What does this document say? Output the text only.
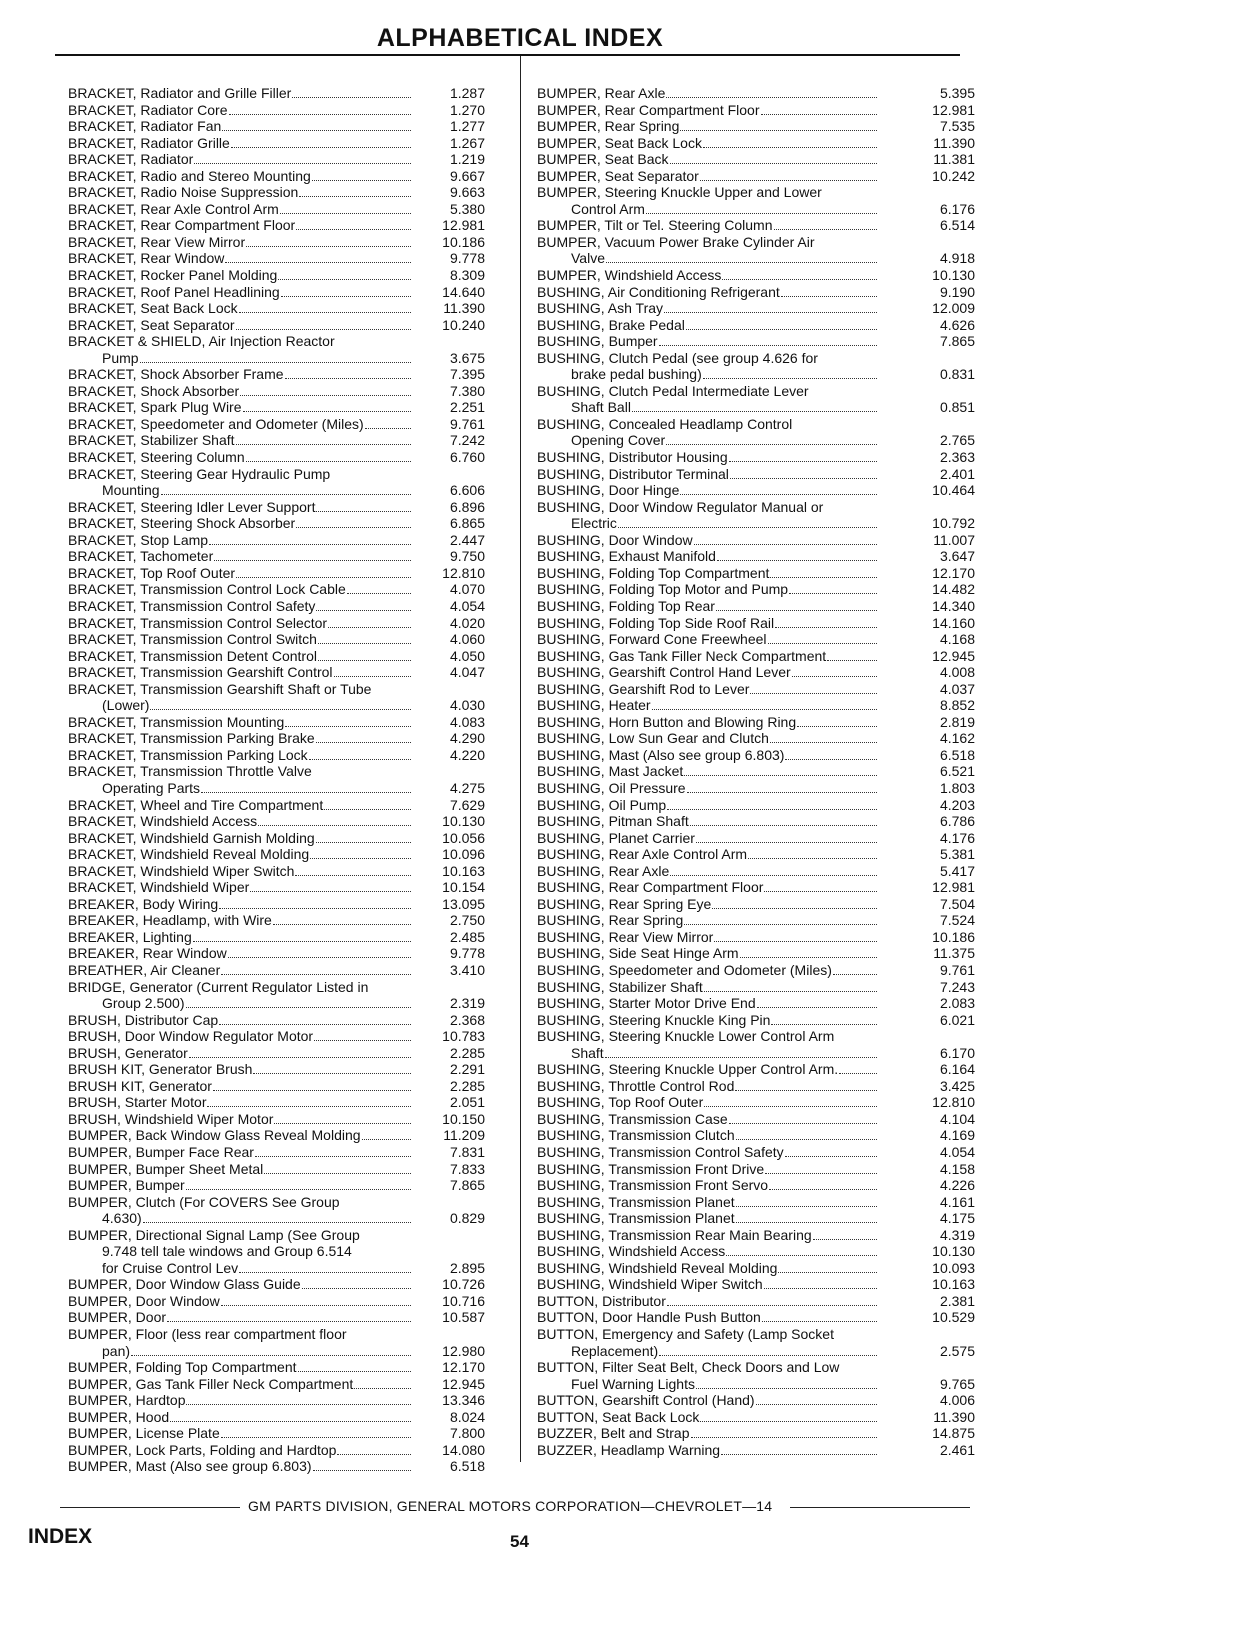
ALPHABETICAL INDEX
BRACKET, Radiator and Grille Filler	1.287
BRACKET, Radiator Core	1.270
BRACKET, Radiator Fan	1.277
BRACKET, Radiator Grille	1.267
BRACKET, Radiator	1.219
BRACKET, Radio and Stereo Mounting	9.667
BRACKET, Radio Noise Suppression	9.663
BRACKET, Rear Axle Control Arm	5.380
BRACKET, Rear Compartment Floor	12.981
BRACKET, Rear View Mirror	10.186
BRACKET, Rear Window	9.778
BRACKET, Rocker Panel Molding	8.309
BRACKET, Roof Panel Headlining	14.640
BRACKET, Seat Back Lock	11.390
BRACKET, Seat Separator	10.240
BRACKET & SHIELD, Air Injection Reactor
Pump	3.675
BRACKET, Shock Absorber Frame	7.395
BRACKET, Shock Absorber	7.380
BRACKET, Spark Plug Wire	2.251
BRACKET, Speedometer and Odometer (Miles)	9.761
BRACKET, Stabilizer Shaft	7.242
BRACKET, Steering Column	6.760
BRACKET, Steering Gear Hydraulic Pump
Mounting	6.606
BRACKET, Steering Idler Lever Support	6.896
BRACKET, Steering Shock Absorber	6.865
BRACKET, Stop Lamp	2.447
BRACKET, Tachometer	9.750
BRACKET, Top Roof Outer	12.810
BRACKET, Transmission Control Lock Cable	4.070
BRACKET, Transmission Control Safety	4.054
BRACKET, Transmission Control Selector	4.020
BRACKET, Transmission Control Switch	4.060
BRACKET, Transmission Detent Control	4.050
BRACKET, Transmission Gearshift Control	4.047
BRACKET, Transmission Gearshift Shaft or Tube
(Lower)	4.030
BRACKET, Transmission Mounting	4.083
BRACKET, Transmission Parking Brake	4.290
BRACKET, Transmission Parking Lock	4.220
BRACKET, Transmission Throttle Valve
Operating Parts	4.275
BRACKET, Wheel and Tire Compartment	7.629
BRACKET, Windshield Access	10.130
BRACKET, Windshield Garnish Molding	10.056
BRACKET, Windshield Reveal Molding	10.096
BRACKET, Windshield Wiper Switch	10.163
BRACKET, Windshield Wiper	10.154
BREAKER, Body Wiring	13.095
BREAKER, Headlamp, with Wire	2.750
BREAKER, Lighting	2.485
BREAKER, Rear Window	9.778
BREATHER, Air Cleaner	3.410
BRIDGE, Generator (Current Regulator Listed in
Group 2.500)	2.319
BRUSH, Distributor Cap	2.368
BRUSH, Door Window Regulator Motor	10.783
BRUSH, Generator	2.285
BRUSH KIT, Generator Brush	2.291
BRUSH KIT, Generator	2.285
BRUSH, Starter Motor	2.051
BRUSH, Windshield Wiper Motor	10.150
BUMPER, Back Window Glass Reveal Molding	11.209
BUMPER, Bumper Face Rear	7.831
BUMPER, Bumper Sheet Metal	7.833
BUMPER, Bumper	7.865
BUMPER, Clutch (For COVERS See Group
4.630)	0.829
BUMPER, Directional Signal Lamp (See Group
9.748 tell tale windows and Group 6.514
for Cruise Control Lev	2.895
BUMPER, Door Window Glass Guide	10.726
BUMPER, Door Window	10.716
BUMPER, Door	10.587
BUMPER, Floor (less rear compartment floor
pan)	12.980
BUMPER, Folding Top Compartment	12.170
BUMPER, Gas Tank Filler Neck Compartment	12.945
BUMPER, Hardtop	13.346
BUMPER, Hood	8.024
BUMPER, License Plate	7.800
BUMPER, Lock Parts, Folding and Hardtop	14.080
BUMPER, Mast (Also see group 6.803)	6.518
BUMPER, Rear Axle	5.395
BUMPER, Rear Compartment Floor	12.981
BUMPER, Rear Spring	7.535
BUMPER, Seat Back Lock	11.390
BUMPER, Seat Back	11.381
BUMPER, Seat Separator	10.242
BUMPER, Steering Knuckle Upper and Lower
Control Arm	6.176
BUMPER, Tilt or Tel. Steering Column	6.514
BUMPER, Vacuum Power Brake Cylinder Air
Valve	4.918
BUMPER, Windshield Access	10.130
BUSHING, Air Conditioning Refrigerant	9.190
BUSHING, Ash Tray	12.009
BUSHING, Brake Pedal	4.626
BUSHING, Bumper	7.865
BUSHING, Clutch Pedal (see group 4.626 for
brake pedal bushing)	0.831
BUSHING, Clutch Pedal Intermediate Lever
Shaft Ball	0.851
BUSHING, Concealed Headlamp Control
Opening Cover	2.765
BUSHING, Distributor Housing	2.363
BUSHING, Distributor Terminal	2.401
BUSHING, Door Hinge	10.464
BUSHING, Door Window Regulator Manual or
Electric	10.792
BUSHING, Door Window	11.007
BUSHING, Exhaust Manifold	3.647
BUSHING, Folding Top Compartment	12.170
BUSHING, Folding Top Motor and Pump	14.482
BUSHING, Folding Top Rear	14.340
BUSHING, Folding Top Side Roof Rail	14.160
BUSHING, Forward Cone Freewheel	4.168
BUSHING, Gas Tank Filler Neck Compartment	12.945
BUSHING, Gearshift Control Hand Lever	4.008
BUSHING, Gearshift Rod to Lever	4.037
BUSHING, Heater	8.852
BUSHING, Horn Button and Blowing Ring	2.819
BUSHING, Low Sun Gear and Clutch	4.162
BUSHING, Mast (Also see group 6.803)	6.518
BUSHING, Mast Jacket	6.521
BUSHING, Oil Pressure	1.803
BUSHING, Oil Pump	4.203
BUSHING, Pitman Shaft	6.786
BUSHING, Planet Carrier	4.176
BUSHING, Rear Axle Control Arm	5.381
BUSHING, Rear Axle	5.417
BUSHING, Rear Compartment Floor	12.981
BUSHING, Rear Spring Eye	7.504
BUSHING, Rear Spring	7.524
BUSHING, Rear View Mirror	10.186
BUSHING, Side Seat Hinge Arm	11.375
BUSHING, Speedometer and Odometer (Miles)	9.761
BUSHING, Stabilizer Shaft	7.243
BUSHING, Starter Motor Drive End	2.083
BUSHING, Steering Knuckle King Pin	6.021
BUSHING, Steering Knuckle Lower Control Arm
Shaft	6.170
BUSHING, Steering Knuckle Upper Control Arm.	6.164
BUSHING, Throttle Control Rod	3.425
BUSHING, Top Roof Outer	12.810
BUSHING, Transmission Case	4.104
BUSHING, Transmission Clutch	4.169
BUSHING, Transmission Control Safety	4.054
BUSHING, Transmission Front Drive	4.158
BUSHING, Transmission Front Servo	4.226
BUSHING, Transmission Planet	4.161
BUSHING, Transmission Planet	4.175
BUSHING, Transmission Rear Main Bearing	4.319
BUSHING, Windshield Access	10.130
BUSHING, Windshield Reveal Molding	10.093
BUSHING, Windshield Wiper Switch	10.163
BUTTON, Distributor	2.381
BUTTON, Door Handle Push Button	10.529
BUTTON, Emergency and Safety (Lamp Socket
Replacement)	2.575
BUTTON, Filter Seat Belt, Check Doors and Low
Fuel Warning Lights	9.765
BUTTON, Gearshift Control (Hand)	4.006
BUTTON, Seat Back Lock	11.390
BUZZER, Belt and Strap	14.875
BUZZER, Headlamp Warning	2.461
GM PARTS DIVISION, GENERAL MOTORS CORPORATION—CHEVROLET—14
INDEX	54
